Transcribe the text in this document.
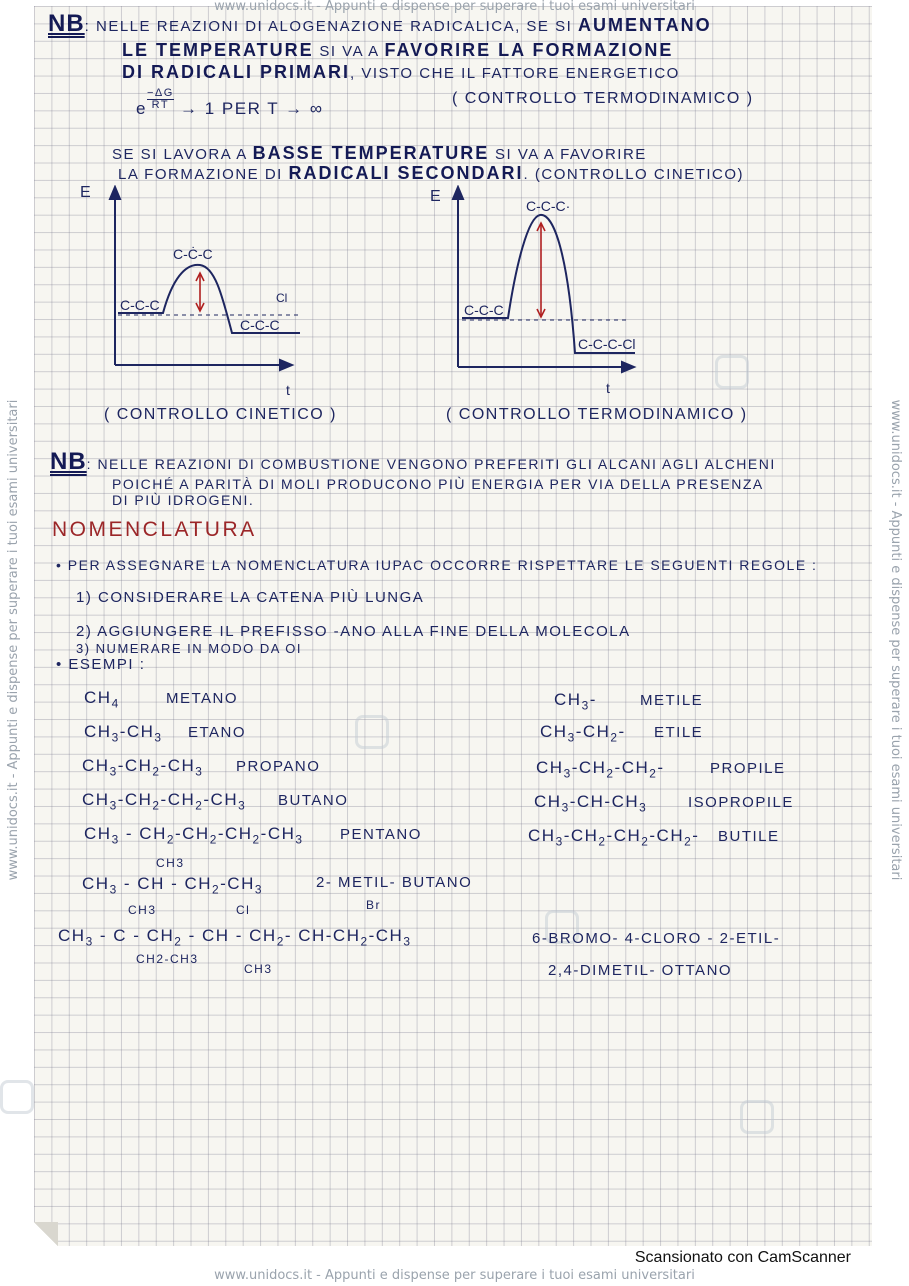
www.unidocs.it - Appunti e dispense per superare i tuoi esami universitari
www.unidocs.it - Appunti e dispense per superare i tuoi esami universitari
www.unidocs.it - Appunti e dispense per superare i tuoi esami universitari	www.unidocs.it - Appunti e dispense per superare i tuoi esami universitari
Scansionato con CamScanner
NB: NELLE REAZIONI DI ALOGENAZIONE RADICALICA, SE SI AUMENTANO
LE TEMPERATURE SI VA A FAVORIRE LA FORMAZIONE
DI RADICALI PRIMARI, VISTO CHE IL FATTORE ENERGETICO
e−ΔG
RT → 1 PER T → ∞
( CONTROLLO TERMODINAMICO )
SE SI LAVORA A BASSE TEMPERATURE SI VA A FAVORIRE
LA FORMAZIONE DI RADICALI SECONDARI. (CONTROLLO CINETICO)
E
t
C-C-C
C-Ċ-C
C-C-C
Cl
( CONTROLLO CINETICO )
E
t
C-C-C
C-C-C·
C-C-C-Cl
( CONTROLLO TERMODINAMICO )
NB: NELLE REAZIONI DI COMBUSTIONE VENGONO PREFERITI GLI ALCANI AGLI ALCHENI
POICHÉ A PARITÀ DI MOLI PRODUCONO PIÙ ENERGIA PER VIA DELLA PRESENZA
DI PIÙ IDROGENI.
NOMENCLATURA
• PER ASSEGNARE LA NOMENCLATURA IUPAC OCCORRE RISPETTARE LE SEGUENTI REGOLE :
1) CONSIDERARE LA CATENA PIÙ LUNGA
2) AGGIUNGERE IL PREFISSO -ANO ALLA FINE DELLA MOLECOLA
3) NUMERARE IN MODO DA OI
• ESEMPI :
$CH_4$	METANO
$CH_3-CH_3$ ETANO
$CH_3-CH_2-CH_3$ PROPANO
$CH_3-CH_2-CH_2-CH_3$ BUTANO
$CH_3 - CH_2-CH_2-CH_2-CH_3$ PENTANO
$CH_3-$	METILE
$CH_3-CH_2-$ ETILE
$CH_3-CH_2-CH_2-$	PROPILE
$CH_3-CH-CH_3$	ISOPROPILE
$CH_3-CH_2-CH_2-CH_2-$ BUTILE
CH3
$CH_3$ - CH - $CH_2-CH_3$	2- METIL- BUTANO
CH3	Cl	Br
$CH_3$ - C - $CH_2$ - CH - $CH_2-$ $CH-CH_2-CH_3$
CH2-CH3
CH3
6-BROMO- 4-CLORO - 2-ETIL-
2,4-DIMETIL- OTTANO
